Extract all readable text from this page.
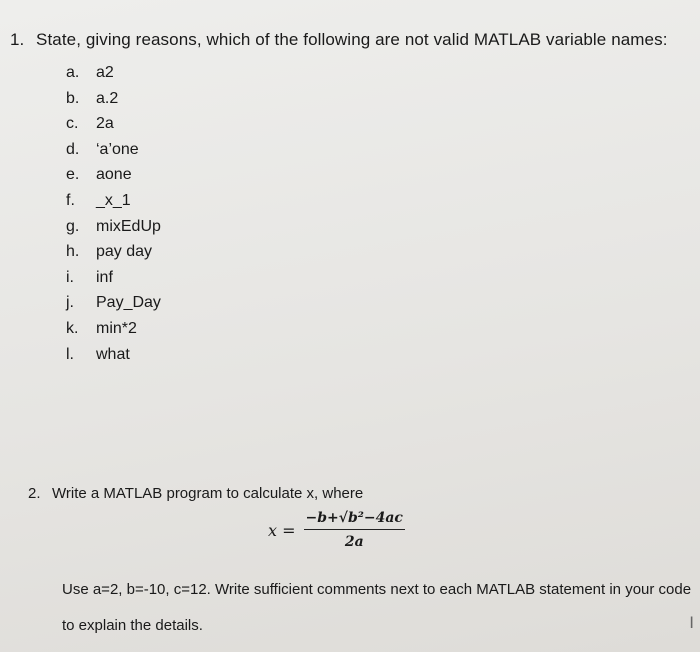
1. State, giving reasons, which of the following are not valid MATLAB variable names:
a. a2
b. a.2
c. 2a
d. ‘a’one
e. aone
f. _x_1
g. mixEdUp
h. pay day
i. inf
j. Pay_Day
k. min*2
l. what
2. Write a MATLAB program to calculate x, where
$x = \frac{\text{−b+√b²−4ac}}{2a}$
Use a=2, b=-10, c=12. Write sufficient comments next to each MATLAB statement in your code to explain the details.	I
